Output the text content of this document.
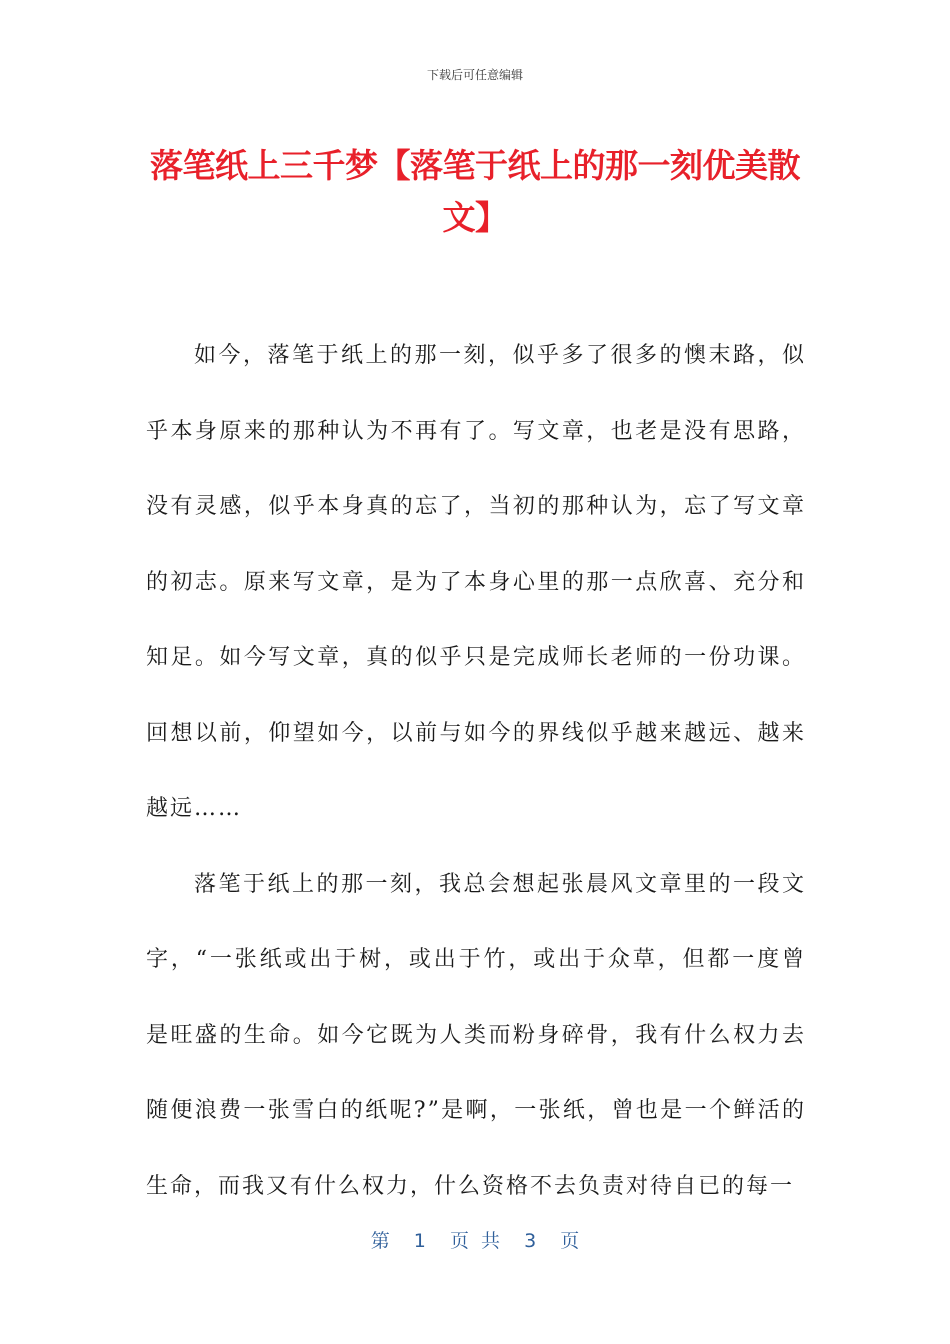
下载后可任意编辑
落笔纸上三千梦【落笔于纸上的那一刻优美散文】

如今，落笔于纸上的那一刻，似乎多了很多的懊末路，似乎本身原来的那种认为不再有了。写文章，也老是没有思路，没有灵感，似乎本身真的忘了，当初的那种认为，忘了写文章的初志。原来写文章，是为了本身心里的那一点欣喜、充分和知足。如今写文章，真的似乎只是完成师长老师的一份功课。回想以前，仰望如今，以前与如今的界线似乎越来越远、越来越远……

落笔于纸上的那一刻，我总会想起张晨风文章里的一段文字，“一张纸或出于树，或出于竹，或出于众草，但都一度曾是旺盛的生命。如今它既为人类而粉身碎骨，我有什么权力去随便浪费一张雪白的纸呢?”是啊，一张纸，曾也是一个鲜活的生命，而我又有什么权力，什么资格不去负责对待自已的每一

第  1  页 共  3  页
